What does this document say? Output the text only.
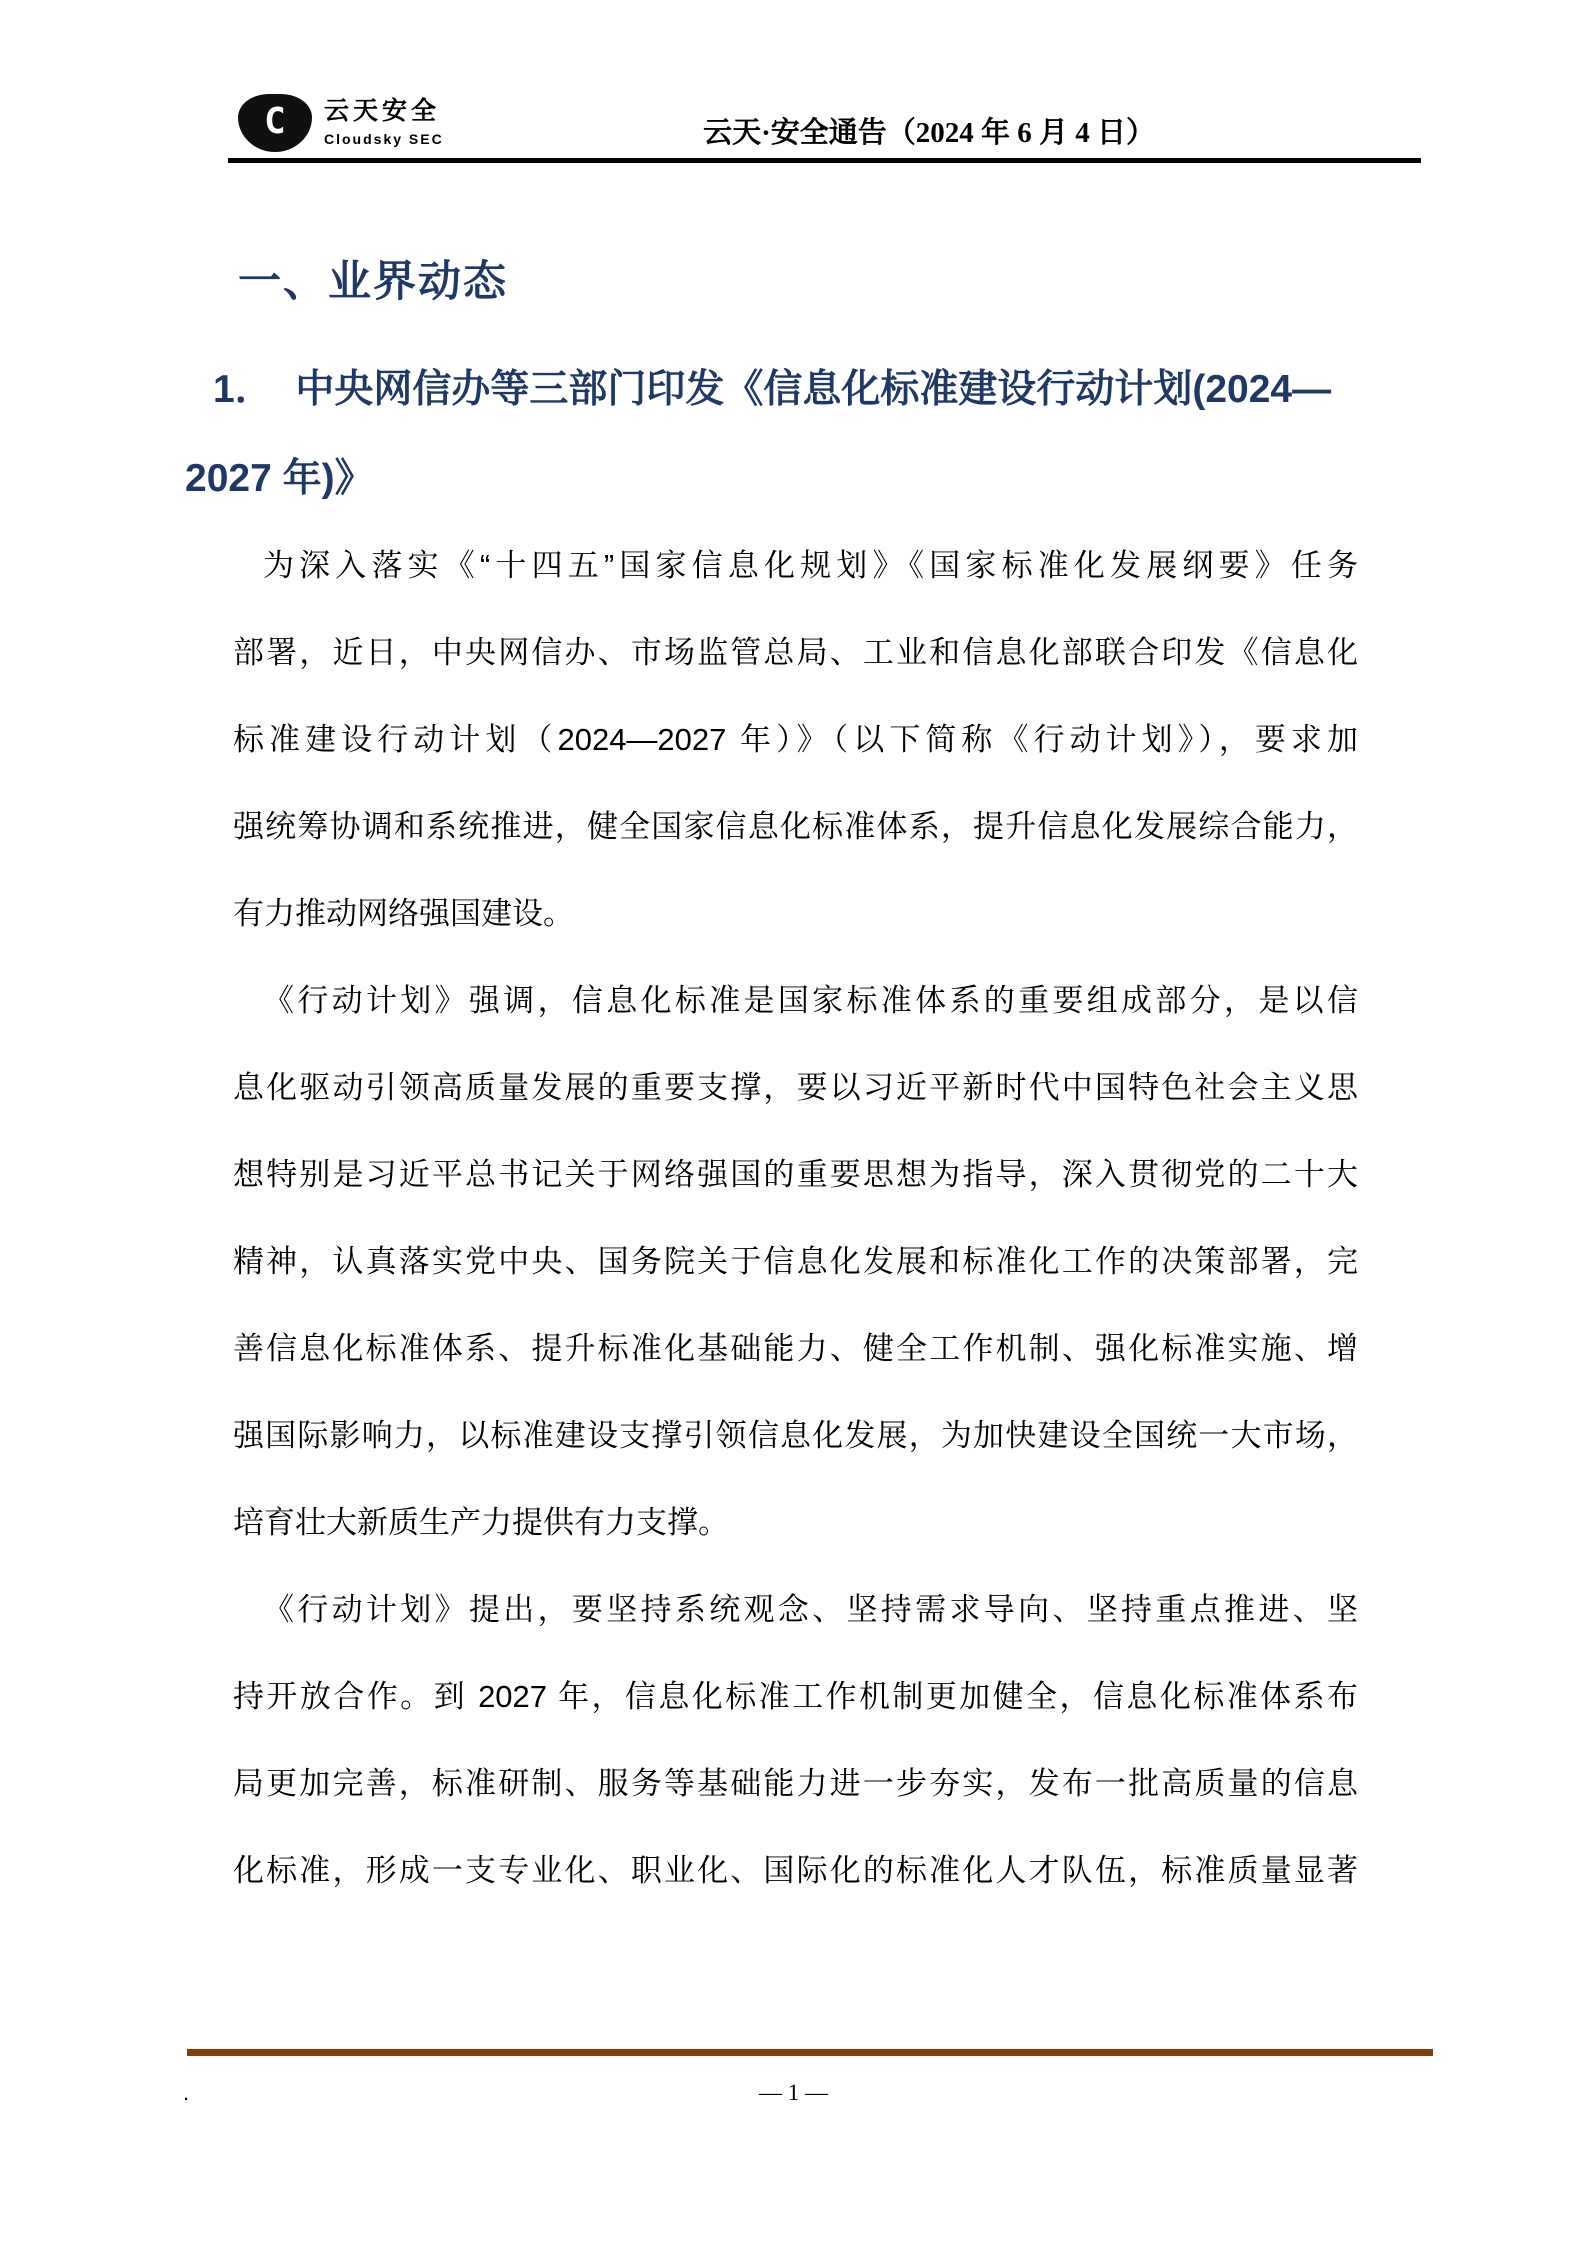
C 云天安全
Cloudsky SEC	云天·安全通告（2024 年 6 月 4 日）
一、业界动态
1．  中央网信办等三部门印发《信息化标准建设行动计划(2024—
2027 年)》
为深入落实《“十四五”国家信息化规划》《国家标准化发展纲要》任务
部署，近日，中央网信办、市场监管总局、工业和信息化部联合印发《信息化
标准建设行动计划（2024—2027 年）》（以下简称《行动计划》），要求加
强统筹协调和系统推进，健全国家信息化标准体系，提升信息化发展综合能力，
有力推动网络强国建设。
《行动计划》强调，信息化标准是国家标准体系的重要组成部分，是以信
息化驱动引领高质量发展的重要支撑，要以习近平新时代中国特色社会主义思
想特别是习近平总书记关于网络强国的重要思想为指导，深入贯彻党的二十大
精神，认真落实党中央、国务院关于信息化发展和标准化工作的决策部署，完
善信息化标准体系、提升标准化基础能力、健全工作机制、强化标准实施、增
强国际影响力，以标准建设支撑引领信息化发展，为加快建设全国统一大市场，
培育壮大新质生产力提供有力支撑。
《行动计划》提出，要坚持系统观念、坚持需求导向、坚持重点推进、坚
持开放合作。到 2027 年，信息化标准工作机制更加健全，信息化标准体系布
局更加完善，标准研制、服务等基础能力进一步夯实，发布一批高质量的信息
化标准，形成一支专业化、职业化、国际化的标准化人才队伍，标准质量显著
.	— 1 —
